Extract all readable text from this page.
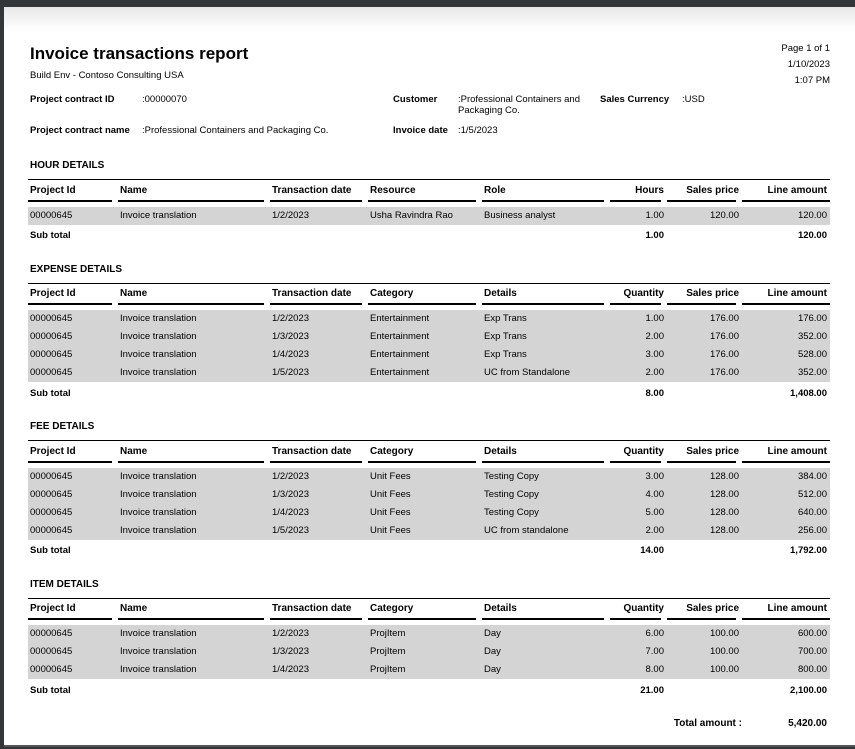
Invoice transactions report
Build Env - Contoso Consulting USA
Page 1 of 1
1/10/2023
1:07 PM
Project contract ID	:00000070	Customer	:Professional Containers and Packaging Co.
Sales Currency	:USD
Project contract name	:Professional Containers and Packaging Co.	Invoice date	:1/5/2023
HOUR DETAILS
Project Id	Name	Transaction date	Resource	Role	Hours	Sales price	Line amount

00000645	Invoice translation	1/2/2023	Usha Ravindra Rao	Business analyst	1.00	120.00	120.00
Sub total					1.00		120.00
EXPENSE DETAILS
Project Id	Name	Transaction date	Category	Details	Quantity	Sales price	Line amount

00000645	Invoice translation	1/2/2023	Entertainment	Exp Trans	1.00	176.00	176.00
00000645	Invoice translation	1/3/2023	Entertainment	Exp Trans	2.00	176.00	352.00
00000645	Invoice translation	1/4/2023	Entertainment	Exp Trans	3.00	176.00	528.00
00000645	Invoice translation	1/5/2023	Entertainment	UC from Standalone	2.00	176.00	352.00
Sub total					8.00		1,408.00
FEE DETAILS
Project Id	Name	Transaction date	Category	Details	Quantity	Sales price	Line amount

00000645	Invoice translation	1/2/2023	Unit Fees	Testing Copy	3.00	128.00	384.00
00000645	Invoice translation	1/3/2023	Unit Fees	Testing Copy	4.00	128.00	512.00
00000645	Invoice translation	1/4/2023	Unit Fees	Testing Copy	5.00	128.00	640.00
00000645	Invoice translation	1/5/2023	Unit Fees	UC from standalone	2.00	128.00	256.00
Sub total					14.00		1,792.00
ITEM DETAILS
Project Id	Name	Transaction date	Category	Details	Quantity	Sales price	Line amount

00000645	Invoice translation	1/2/2023	ProjItem	Day	6.00	100.00	600.00
00000645	Invoice translation	1/3/2023	ProjItem	Day	7.00	100.00	700.00
00000645	Invoice translation	1/4/2023	ProjItem	Day	8.00	100.00	800.00
Sub total					21.00		2,100.00
Total amount :	5,420.00
